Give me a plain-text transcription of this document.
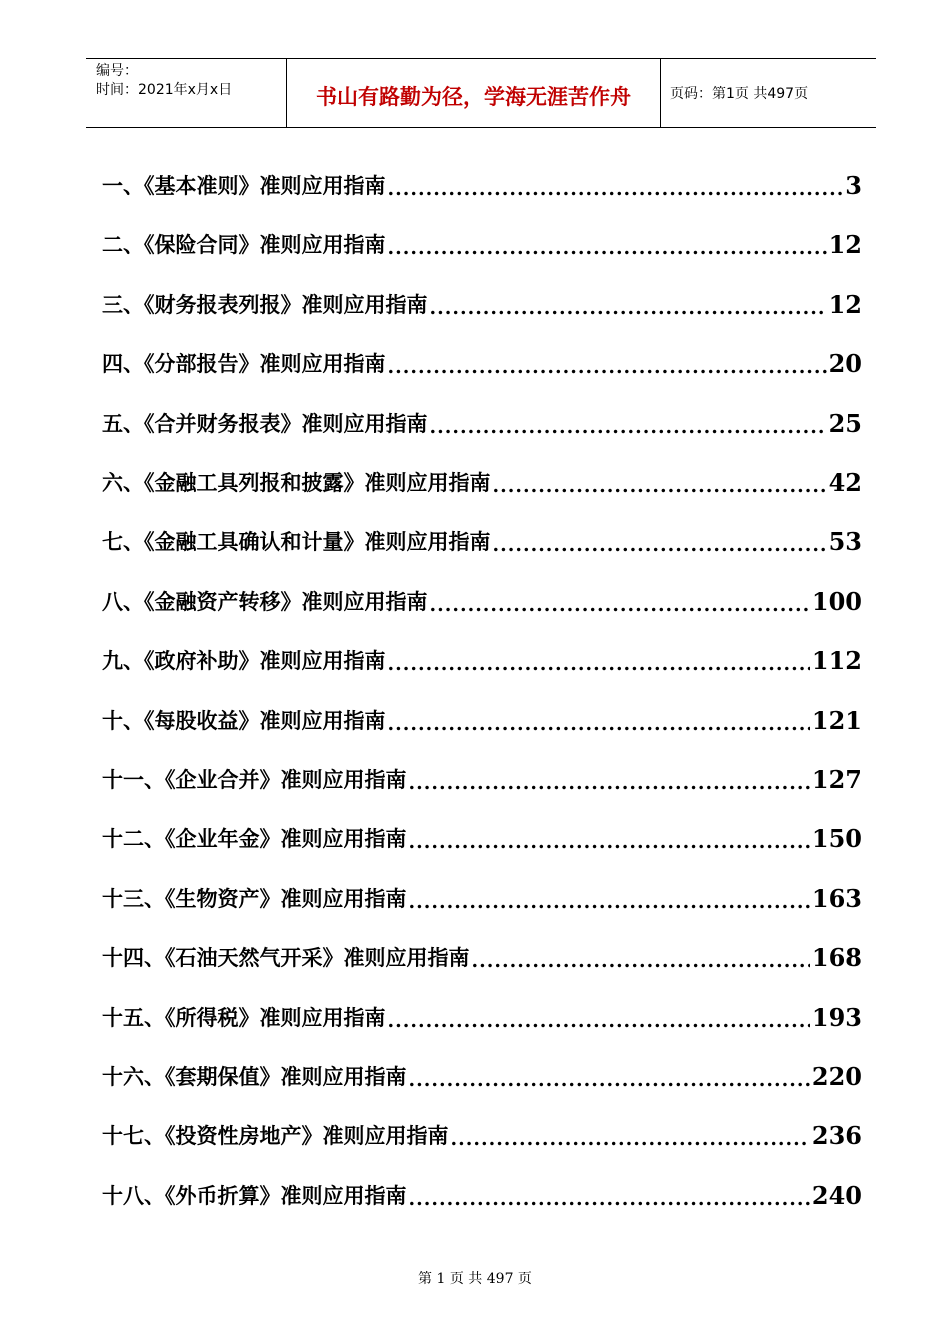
编号：
时间：2021年x月x日	书山有路勤为径，学海无涯苦作舟	页码：第1页 共497页
一、《基本准则》准则应用指南 .....	3
二、《保险合同》准则应用指南 .....	12
三、《财务报表列报》准则应用指南 .....	12
四、《分部报告》准则应用指南 .....	20
五、《合并财务报表》准则应用指南 .....	25
六、《金融工具列报和披露》准则应用指南 .....	42
七、《金融工具确认和计量》准则应用指南 .....	53
八、《金融资产转移》准则应用指南 .....	100
九、《政府补助》准则应用指南 .....	112
十、《每股收益》准则应用指南 .....	121
十一、《企业合并》准则应用指南 .....	127
十二、《企业年金》准则应用指南 .....	150
十三、《生物资产》准则应用指南 .....	163
十四、《石油天然气开采》准则应用指南 .....	168
十五、《所得税》准则应用指南 .....	193
十六、《套期保值》准则应用指南 .....	220
十七、《投资性房地产》准则应用指南 .....	236
十八、《外币折算》准则应用指南 .....	240
第 1 页 共 497 页
